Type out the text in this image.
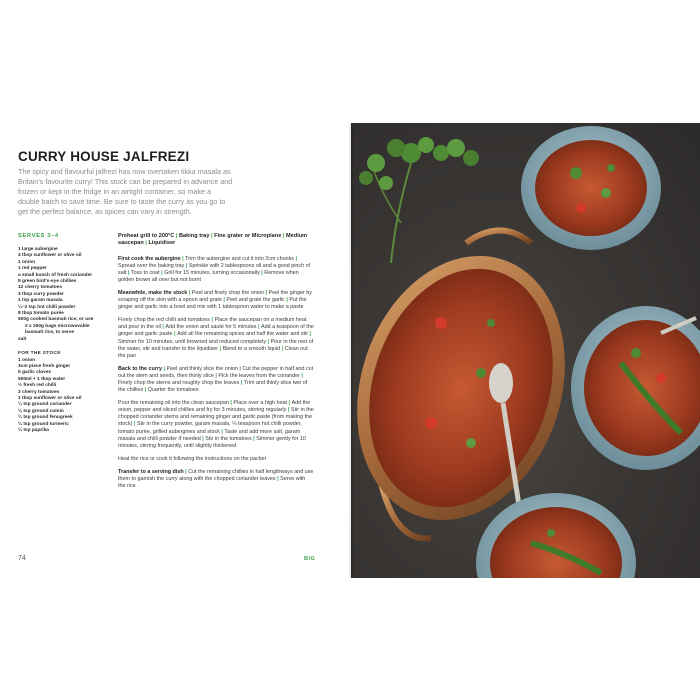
CURRY HOUSE JALFREZI
The spicy and flavourful jalfrezi has now overtaken tikka masala as Britain's favourite curry! This stock can be prepared in advance and frozen or kept in the fridge in an airtight container, so make a double batch to save time. Be sure to taste the curry as you go to get the perfect balance, as spices can vary in strength.
SERVES 3–4
1 large aubergine
4 tbsp sunflower or olive oil
1 onion
1 red pepper
a small bunch of fresh coriander
5 green bird's-eye chillies
12 cherry tomatoes
3 tbsp curry powder
1 tsp garam masala
¼–2 tsp hot chilli powder
8 tbsp tomato purée
500g cooked basmati rice, or use
2 x 250g bags microwavable
basmati rice, to serve
salt
FOR THE STOCK
1 onion
3cm piece fresh ginger
5 garlic cloves
500ml + 1 tbsp water
½ fresh red chilli
3 cherry tomatoes
1 tbsp sunflower or olive oil
¼ tsp ground coriander
¼ tsp ground cumin
¼ tsp ground fenugreek
¼ tsp ground turmeric
¼ tsp paprika
Preheat grill to 200°C | Baking tray | Fine grater or Microplane | Medium saucepan | Liquidiser

First cook the aubergine | Trim the aubergine and cut it into 2cm chunks | Spread over the baking tray | Sprinkle with 2 tablespoons oil and a good pinch of salt | Toss to coat | Grill for 15 minutes, turning occasionally | Remove when golden brown all over but not burnt

Meanwhile, make the stock | Peel and finely chop the onion | Peel the ginger by scraping off the skin with a spoon and grate | Peel and grate the garlic | Put the ginger and garlic into a bowl and mix with 1 tablespoon water to make a paste

Finely chop the red chilli and tomatoes | Place the saucepan on a medium heat and pour in the oil | Add the onion and sauté for 5 minutes | Add a teaspoon of the ginger and garlic paste | Add all the remaining spices and half the water and stir | Simmer for 10 minutes, until browned and reduced completely | Pour in the rest of the water, stir and transfer to the liquidiser | Blend to a smooth liquid | Clean out the pan

Back to the curry | Peel and thinly slice the onion | Cut the pepper in half and cut out the stem and seeds, then thinly slice | Pick the leaves from the coriander | Finely chop the stems and roughly chop the leaves | Trim and thinly slice two of the chillies | Quarter the tomatoes

Pour the remaining oil into the clean saucepan | Place over a high heat | Add the onion, pepper and sliced chillies and fry for 3 minutes, stirring regularly | Stir in the chopped coriander stems and remaining ginger and garlic paste (from making the stock) | Stir in the curry powder, garam masala, ¼ teaspoon hot chilli powder, tomato purée, grilled aubergines and stock | Taste and add more salt, garam masala and chilli powder if needed | Stir in the tomatoes | Simmer gently for 10 minutes, stirring frequently, until slightly thickened

Heat the rice or cook it following the instructions on the packet

Transfer to a serving dish | Cut the remaining chillies in half lengthways and use them to garnish the curry along with the chopped coriander leaves | Serve with the rice

74	BIG
